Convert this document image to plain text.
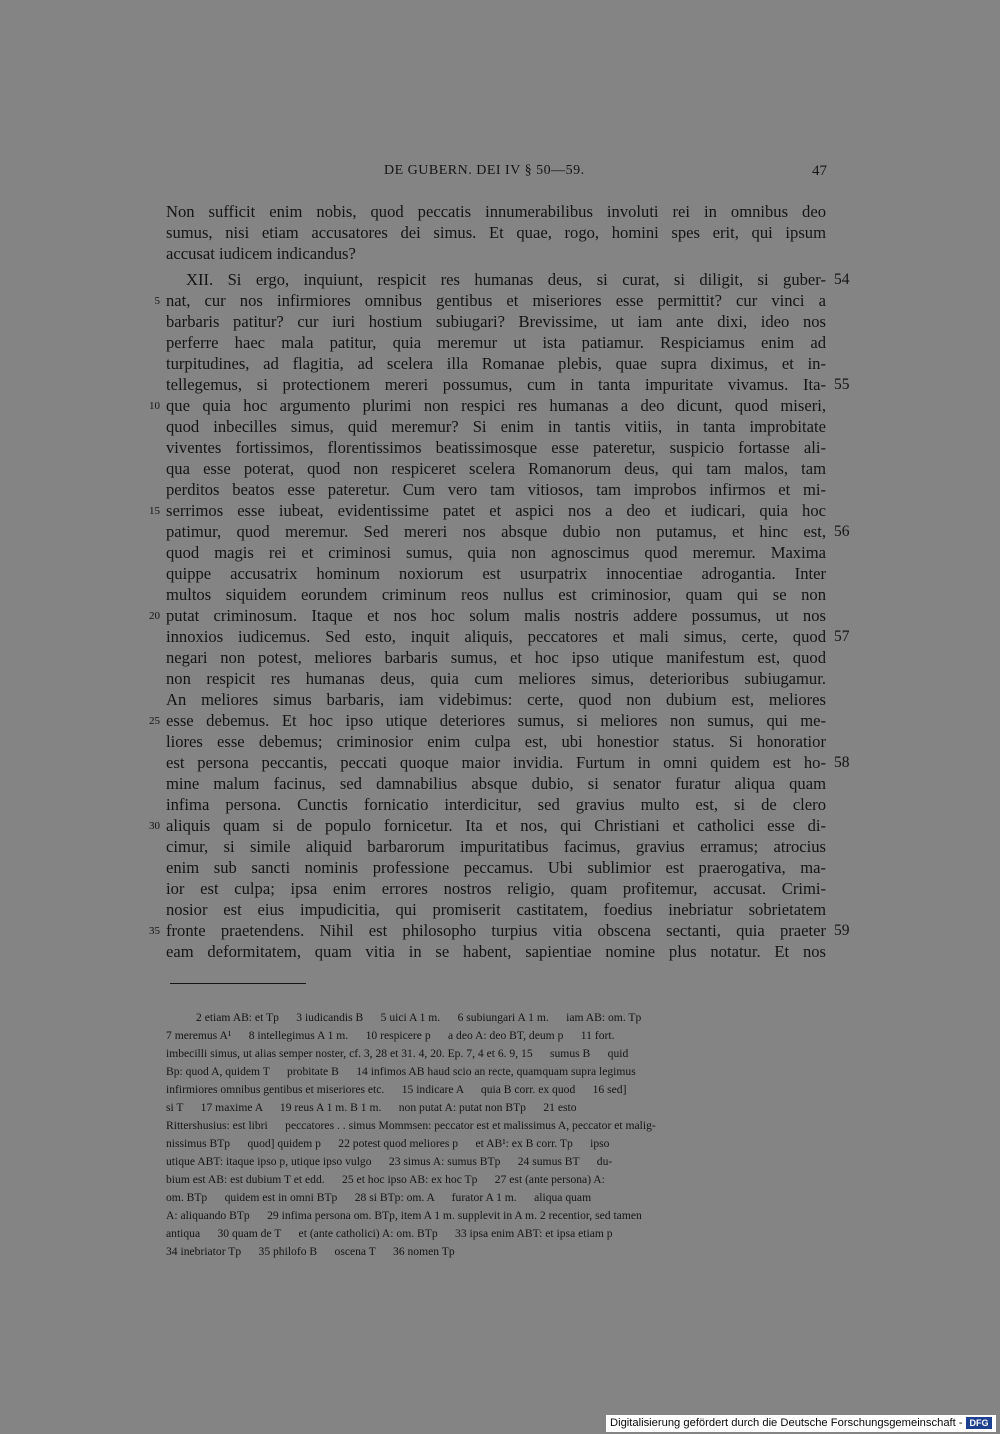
DE GUBERN. DEI IV § 50—59.	47
Non sufficit enim nobis, quod peccatis innumerabilibus involuti rei in omnibus deo
sumus, nisi etiam accusatores dei simus. Et quae, rogo, homini spes erit, qui ipsum
accusat iudicem indicandus?
XII. Si ergo, inquiunt, respicit res humanas deus, si curat, si diligit, si guber-
nat, cur nos infirmiores omnibus gentibus et miseriores esse permittit? cur vinci a
barbaris patitur? cur iuri hostium subiugari? Brevissime, ut iam ante dixi, ideo nos
perferre haec mala patitur, quia meremur ut ista patiamur. Respiciamus enim ad
turpitudines, ad flagitia, ad scelera illa Romanae plebis, quae supra diximus, et in-
tellegemus, si protectionem mereri possumus, cum in tanta impuritate vivamus. Ita-
que quia hoc argumento plurimi non respici res humanas a deo dicunt, quod miseri,
quod inbecilles simus, quid meremur? Si enim in tantis vitiis, in tanta improbitate
viventes fortissimos, florentissimos beatissimosque esse pateretur, suspicio fortasse ali-
qua esse poterat, quod non respiceret scelera Romanorum deus, qui tam malos, tam
perditos beatos esse pateretur. Cum vero tam vitiosos, tam improbos infirmos et mi-
serrimos esse iubeat, evidentissime patet et aspici nos a deo et iudicari, quia hoc
patimur, quod meremur. Sed mereri nos absque dubio non putamus, et hinc est,
quod magis rei et criminosi sumus, quia non agnoscimus quod meremur. Maxima
quippe accusatrix hominum noxiorum est usurpatrix innocentiae adrogantia. Inter
multos siquidem eorundem criminum reos nullus est criminosior, quam qui se non
putat criminosum. Itaque et nos hoc solum malis nostris addere possumus, ut nos
innoxios iudicemus. Sed esto, inquit aliquis, peccatores et mali simus, certe, quod
negari non potest, meliores barbaris sumus, et hoc ipso utique manifestum est, quod
non respicit res humanas deus, quia cum meliores simus, deterioribus subiugamur.
An meliores simus barbaris, iam videbimus: certe, quod non dubium est, meliores
esse debemus. Et hoc ipso utique deteriores sumus, si meliores non sumus, qui me-
liores esse debemus; criminosior enim culpa est, ubi honestior status. Si honoratior
est persona peccantis, peccati quoque maior invidia. Furtum in omni quidem est ho-
mine malum facinus, sed damnabilius absque dubio, si senator furatur aliqua quam
infima persona. Cunctis fornicatio interdicitur, sed gravius multo est, si de clero
aliquis quam si de populo fornicetur. Ita et nos, qui Christiani et catholici esse di-
cimur, si simile aliquid barbarorum impuritatibus facimus, gravius erramus; atrocius
enim sub sancti nominis professione peccamus. Ubi sublimior est praerogativa, ma-
ior est culpa; ipsa enim errores nostros religio, quam profitemur, accusat. Crimi-
nosior est eius impudicitia, qui promiserit castitatem, foedius inebriatur sobrietatem
fronte praetendens. Nihil est philosopho turpius vitia obscena sectanti, quia praeter
eam deformitatem, quam vitia in se habent, sapientiae nomine plus notatur. Et nos
5
10
15
20
25
30
35
54
55
56
57
58
59
2 etiam AB: et Tp      3 iudicandis B      5 uici A 1 m.      6 subiungari A 1 m.      iam AB: om. Tp
7 meremus A¹      8 intellegimus A 1 m.      10 respicere p      a deo A: deo BT, deum p      11 fort.
imbecilli simus, ut alias semper noster, cf. 3, 28 et 31. 4, 20. Ep. 7, 4 et 6. 9, 15      sumus B      quid
Bp: quod A, quidem T      probitate B      14 infimos AB haud scio an recte, quamquam supra legimus
infirmiores omnibus gentibus et miseriores etc.      15 indicare A      quia B corr. ex quod      16 sed]
si T      17 maxime A      19 reus A 1 m. B 1 m.      non putat A: putat non BTp      21 esto
Rittershusius: est libri      peccatores . . simus Mommsen: peccator est et malissimus A, peccator et malig-
nissimus BTp      quod] quidem p      22 potest quod meliores p      et AB¹: ex B corr. Tp      ipso
utique ABT: itaque ipso p, utique ipso vulgo      23 simus A: sumus BTp      24 sumus BT      du-
bium est AB: est dubium T et edd.      25 et hoc ipso AB: ex hoc Tp      27 est (ante persona) A:
om. BTp      quidem est in omni BTp      28 si BTp: om. A      furator A 1 m.      aliqua quam
A: aliquando BTp      29 infima persona om. BTp, item A 1 m. supplevit in A m. 2 recentior, sed tamen
antiqua      30 quam de T      et (ante catholici) A: om. BTp      33 ipsa enim ABT: et ipsa etiam p
34 inebriator Tp      35 philofo B      oscena T      36 nomen Tp
Digitalisierung gefördert durch die Deutsche Forschungsgemeinschaft - DFG
